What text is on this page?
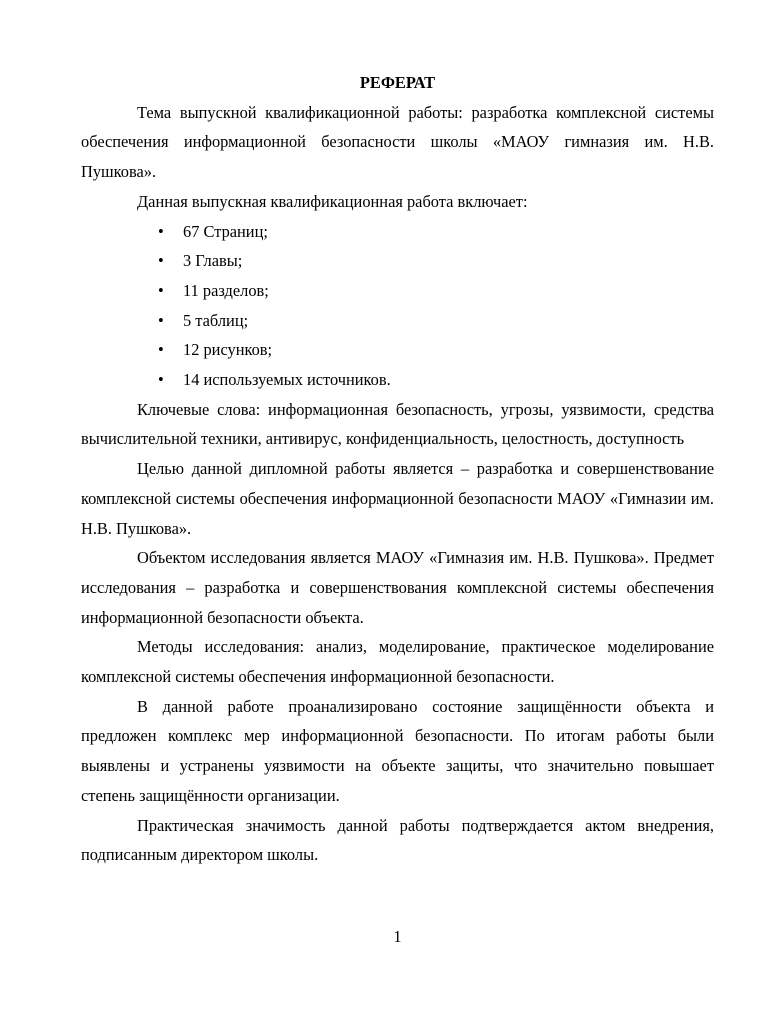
РЕФЕРАТ

Тема выпускной квалификационной работы: разработка комплексной системы обеспечения информационной безопасности школы «МАОУ гимназия им. Н.В. Пушкова».

Данная выпускная квалификационная работа включает:

• 67 Страниц;
• 3 Главы;
• 11 разделов;
• 5 таблиц;
• 12 рисунков;
• 14 используемых источников.

Ключевые слова: информационная безопасность, угрозы, уязвимости, средства вычислительной техники, антивирус, конфиденциальность, целостность, доступность

Целью данной дипломной работы является – разработка и совершенствование комплексной системы обеспечения информационной безопасности МАОУ «Гимназии им. Н.В. Пушкова».

Объектом исследования является МАОУ «Гимназия им. Н.В. Пушкова». Предмет исследования – разработка и совершенствования комплексной системы обеспечения информационной безопасности объекта.

Методы исследования: анализ, моделирование, практическое моделирование комплексной системы обеспечения информационной безопасности.

В данной работе проанализировано состояние защищённости объекта и предложен комплекс мер информационной безопасности. По итогам работы были выявлены и устранены уязвимости на объекте защиты, что значительно повышает степень защищённости организации.

Практическая значимость данной работы подтверждается актом внедрения, подписанным директором школы.

1
